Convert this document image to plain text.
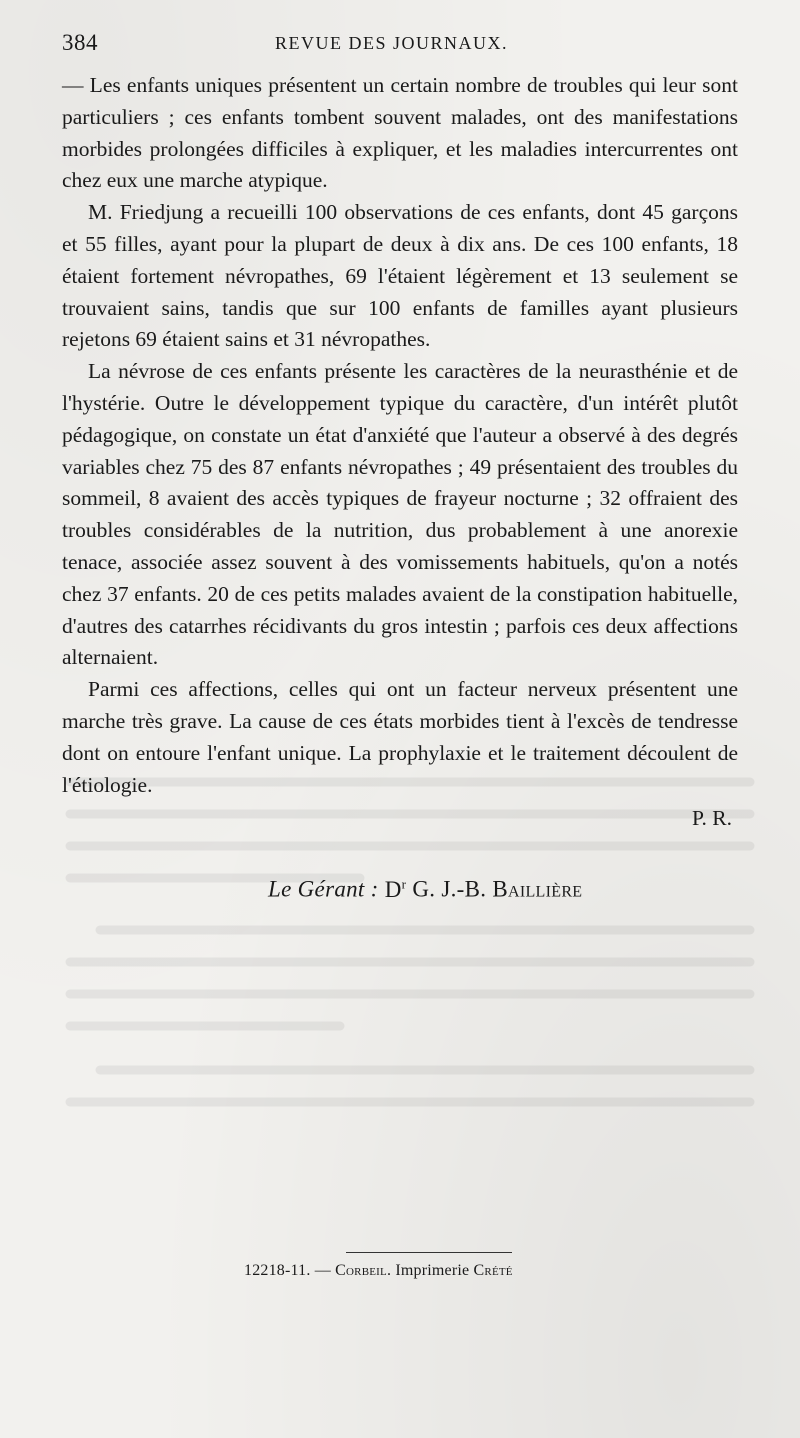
384	REVUE DES JOURNAUX.

— Les enfants uniques présentent un certain nombre de troubles qui leur sont particuliers ; ces enfants tombent souvent malades, ont des manifestations morbides prolongées difficiles à expliquer, et les maladies intercurrentes ont chez eux une marche atypique.

M. Friedjung a recueilli 100 observations de ces enfants, dont 45 garçons et 55 filles, ayant pour la plupart de deux à dix ans. De ces 100 enfants, 18 étaient fortement névropathes, 69 l'étaient légèrement et 13 seulement se trouvaient sains, tandis que sur 100 enfants de familles ayant plusieurs rejetons 69 étaient sains et 31 névropathes.

La névrose de ces enfants présente les caractères de la neurasthénie et de l'hystérie. Outre le développement typique du caractère, d'un intérêt plutôt pédagogique, on constate un état d'anxiété que l'auteur a observé à des degrés variables chez 75 des 87 enfants névropathes ; 49 présentaient des troubles du sommeil, 8 avaient des accès typiques de frayeur nocturne ; 32 offraient des troubles considérables de la nutrition, dus probablement à une anorexie tenace, associée assez souvent à des vomissements habituels, qu'on a notés chez 37 enfants. 20 de ces petits malades avaient de la constipation habituelle, d'autres des catarrhes récidivants du gros intestin ; parfois ces deux affections alternaient.

Parmi ces affections, celles qui ont un facteur nerveux présentent une marche très grave. La cause de ces états morbides tient à l'excès de tendresse dont on entoure l'enfant unique. La prophylaxie et le traitement découlent de l'étiologie.

P. R.
Le Gérant : $D^r$ G. J.-B. Baillière
12218-11. — Corbeil. Imprimerie Crété
